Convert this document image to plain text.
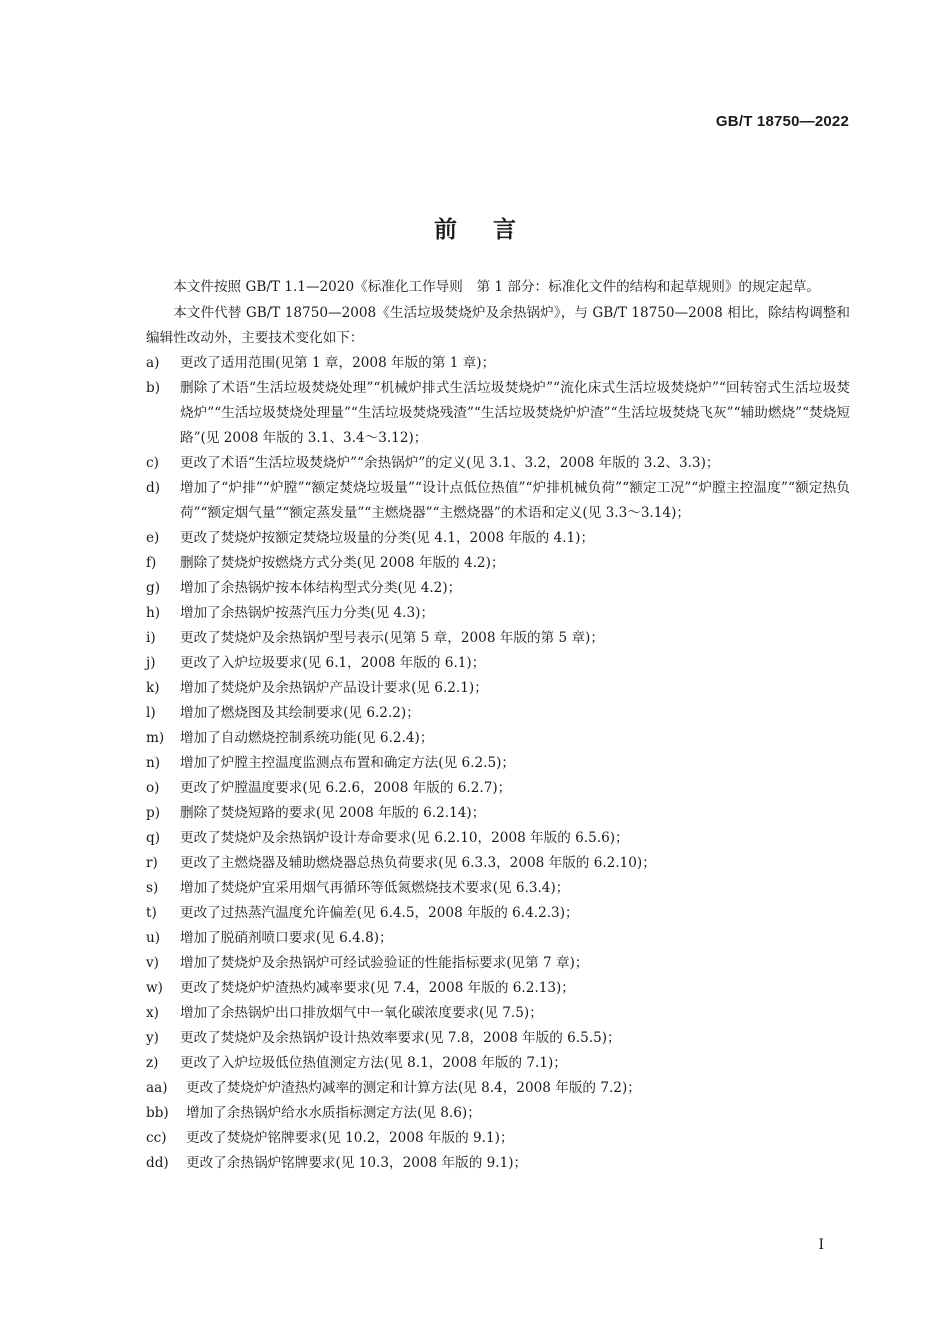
GB/T 18750—2022
前言

本文件按照 GB/T 1.1—2020《标准化工作导则　第 1 部分：标准化文件的结构和起草规则》的规定起草。

本文件代替 GB/T 18750—2008《生活垃圾焚烧炉及余热锅炉》，与 GB/T 18750—2008 相比，除结构调整和编辑性改动外，主要技术变化如下：

a) 更改了适用范围(见第 1 章，2008 年版的第 1 章)；
b) 删除了术语“生活垃圾焚烧处理”“机械炉排式生活垃圾焚烧炉”“流化床式生活垃圾焚烧炉”“回转窑式生活垃圾焚烧炉”“生活垃圾焚烧处理量”“生活垃圾焚烧残渣”“生活垃圾焚烧炉炉渣”“生活垃圾焚烧飞灰”“辅助燃烧”“焚烧短路”(见 2008 年版的 3.1、3.4～3.12)；
c) 更改了术语“生活垃圾焚烧炉”“余热锅炉”的定义(见 3.1、3.2，2008 年版的 3.2、3.3)；
d) 增加了“炉排”“炉膛”“额定焚烧垃圾量”“设计点低位热值”“炉排机械负荷”“额定工况”“炉膛主控温度”“额定热负荷”“额定烟气量”“额定蒸发量”“主燃烧器”“主燃烧器”的术语和定义(见 3.3～3.14)；
e) 更改了焚烧炉按额定焚烧垃圾量的分类(见 4.1，2008 年版的 4.1)；
f) 删除了焚烧炉按燃烧方式分类(见 2008 年版的 4.2)；
g) 增加了余热锅炉按本体结构型式分类(见 4.2)；
h) 增加了余热锅炉按蒸汽压力分类(见 4.3)；
i) 更改了焚烧炉及余热锅炉型号表示(见第 5 章，2008 年版的第 5 章)；
j) 更改了入炉垃圾要求(见 6.1，2008 年版的 6.1)；
k) 增加了焚烧炉及余热锅炉产品设计要求(见 6.2.1)；
l) 增加了燃烧图及其绘制要求(见 6.2.2)；
m) 增加了自动燃烧控制系统功能(见 6.2.4)；
n) 增加了炉膛主控温度监测点布置和确定方法(见 6.2.5)；
o) 更改了炉膛温度要求(见 6.2.6，2008 年版的 6.2.7)；
p) 删除了焚烧短路的要求(见 2008 年版的 6.2.14)；
q) 更改了焚烧炉及余热锅炉设计寿命要求(见 6.2.10，2008 年版的 6.5.6)；
r) 更改了主燃烧器及辅助燃烧器总热负荷要求(见 6.3.3，2008 年版的 6.2.10)；
s) 增加了焚烧炉宜采用烟气再循环等低氮燃烧技术要求(见 6.3.4)；
t) 更改了过热蒸汽温度允许偏差(见 6.4.5，2008 年版的 6.4.2.3)；
u) 增加了脱硝剂喷口要求(见 6.4.8)；
v) 增加了焚烧炉及余热锅炉可经试验验证的性能指标要求(见第 7 章)；
w) 更改了焚烧炉炉渣热灼减率要求(见 7.4，2008 年版的 6.2.13)；
x) 增加了余热锅炉出口排放烟气中一氧化碳浓度要求(见 7.5)；
y) 更改了焚烧炉及余热锅炉设计热效率要求(见 7.8，2008 年版的 6.5.5)；
z) 更改了入炉垃圾低位热值测定方法(见 8.1，2008 年版的 7.1)；
aa) 更改了焚烧炉炉渣热灼减率的测定和计算方法(见 8.4，2008 年版的 7.2)；
bb) 增加了余热锅炉给水水质指标测定方法(见 8.6)；
cc) 更改了焚烧炉铭牌要求(见 10.2，2008 年版的 9.1)；
dd) 更改了余热锅炉铭牌要求(见 10.3，2008 年版的 9.1)；
I
